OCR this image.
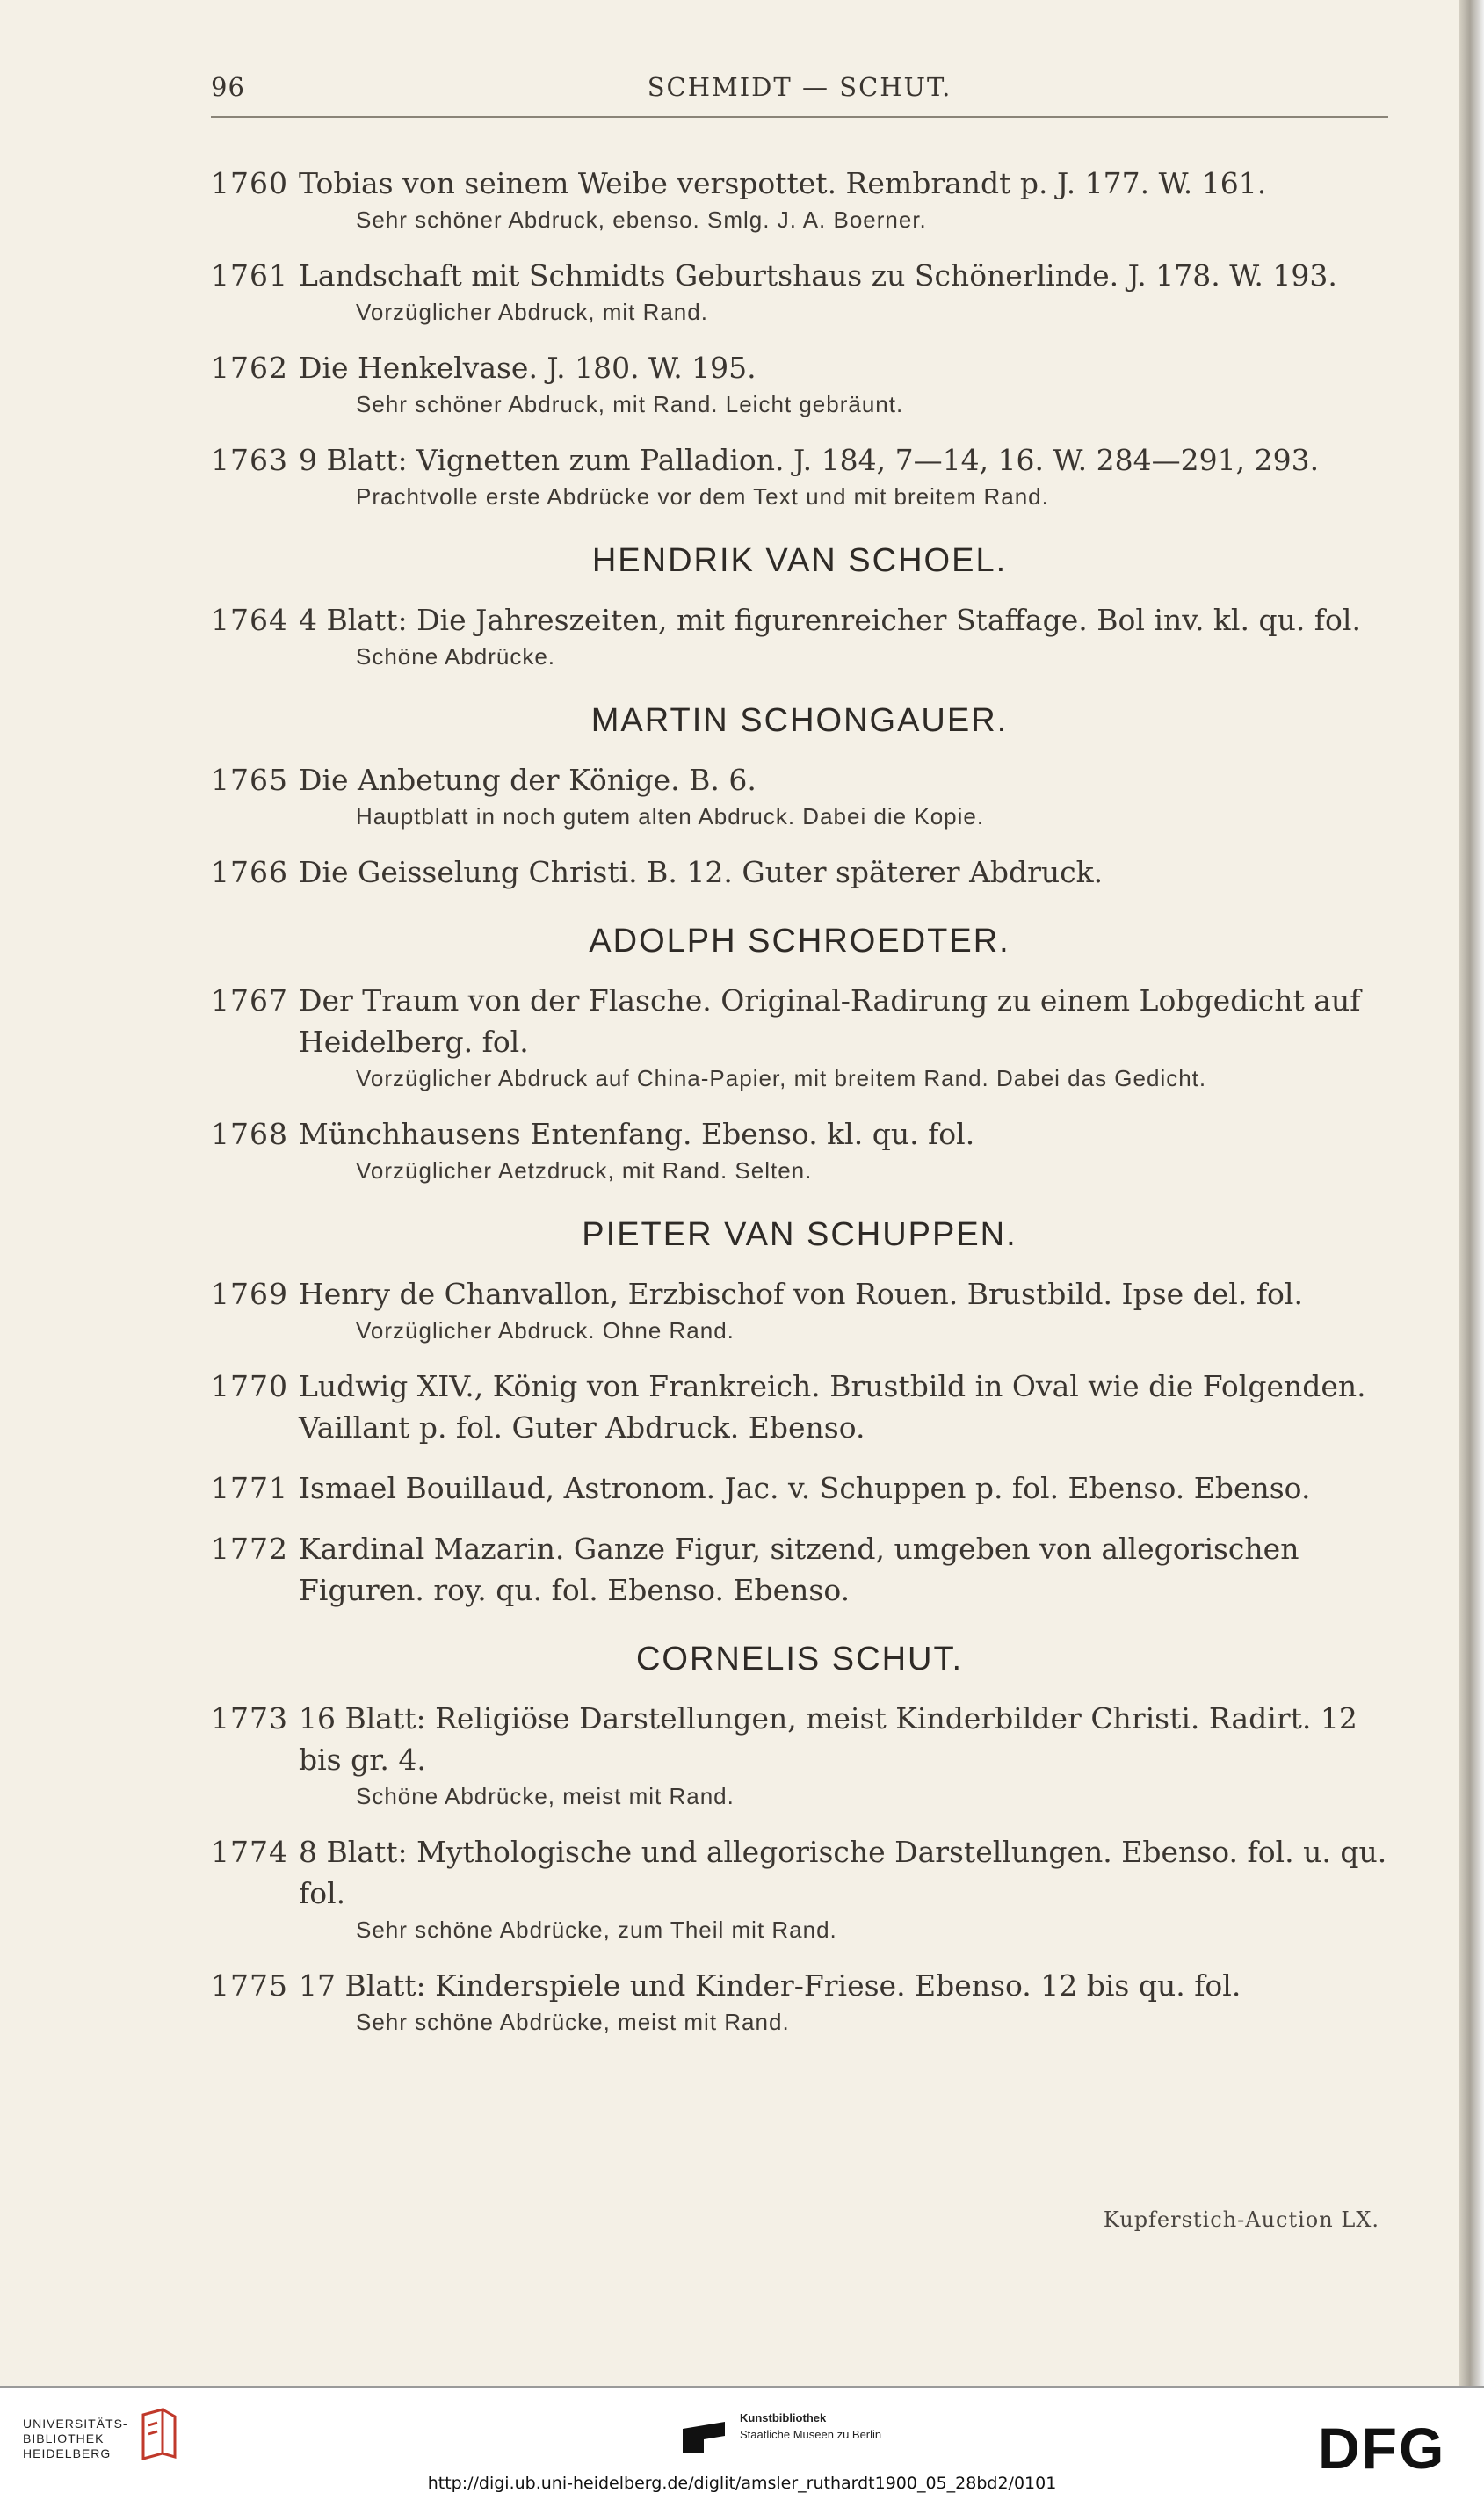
96	SCHMIDT — SCHUT.
1760 Tobias von seinem Weibe verspottet. Rembrandt p. J. 177. W. 161.
Sehr schöner Abdruck, ebenso. Smlg. J. A. Boerner.
1761 Landschaft mit Schmidts Geburtshaus zu Schönerlinde. J. 178. W. 193.
Vorzüglicher Abdruck, mit Rand.
1762 Die Henkelvase. J. 180. W. 195.
Sehr schöner Abdruck, mit Rand. Leicht gebräunt.
1763 9 Blatt: Vignetten zum Palladion. J. 184, 7—14, 16. W. 284—291, 293.
Prachtvolle erste Abdrücke vor dem Text und mit breitem Rand.
HENDRIK VAN SCHOEL.
1764 4 Blatt: Die Jahreszeiten, mit figurenreicher Staffage. Bol inv. kl. qu. fol.
Schöne Abdrücke.
MARTIN SCHONGAUER.
1765 Die Anbetung der Könige. B. 6.
Hauptblatt in noch gutem alten Abdruck. Dabei die Kopie.
1766 Die Geisselung Christi. B. 12. Guter späterer Abdruck.
ADOLPH SCHROEDTER.
1767 Der Traum von der Flasche. Original-Radirung zu einem Lobgedicht auf Heidelberg. fol.
Vorzüglicher Abdruck auf China-Papier, mit breitem Rand. Dabei das Gedicht.
1768 Münchhausens Entenfang. Ebenso. kl. qu. fol.
Vorzüglicher Aetzdruck, mit Rand. Selten.
PIETER VAN SCHUPPEN.
1769 Henry de Chanvallon, Erzbischof von Rouen. Brustbild. Ipse del. fol.
Vorzüglicher Abdruck. Ohne Rand.
1770 Ludwig XIV., König von Frankreich. Brustbild in Oval wie die Folgenden. Vaillant p. fol. Guter Abdruck. Ebenso.
1771 Ismael Bouillaud, Astronom. Jac. v. Schuppen p. fol. Ebenso. Ebenso.
1772 Kardinal Mazarin. Ganze Figur, sitzend, umgeben von allegorischen Figuren. roy. qu. fol. Ebenso. Ebenso.
CORNELIS SCHUT.
1773 16 Blatt: Religiöse Darstellungen, meist Kinderbilder Christi. Radirt. 12 bis gr. 4.
Schöne Abdrücke, meist mit Rand.
1774 8 Blatt: Mythologische und allegorische Darstellungen. Ebenso. fol. u. qu. fol.
Sehr schöne Abdrücke, zum Theil mit Rand.
1775 17 Blatt: Kinderspiele und Kinder-Friese. Ebenso. 12 bis qu. fol.
Sehr schöne Abdrücke, meist mit Rand.
Kupferstich-Auction LX.
UNIVERSITÄTS-
BIBLIOTHEK
HEIDELBERG
Kunstbibliothek
Staatliche Museen zu Berlin	DFG
http://digi.ub.uni-heidelberg.de/diglit/amsler_ruthardt1900_05_28bd2/0101
